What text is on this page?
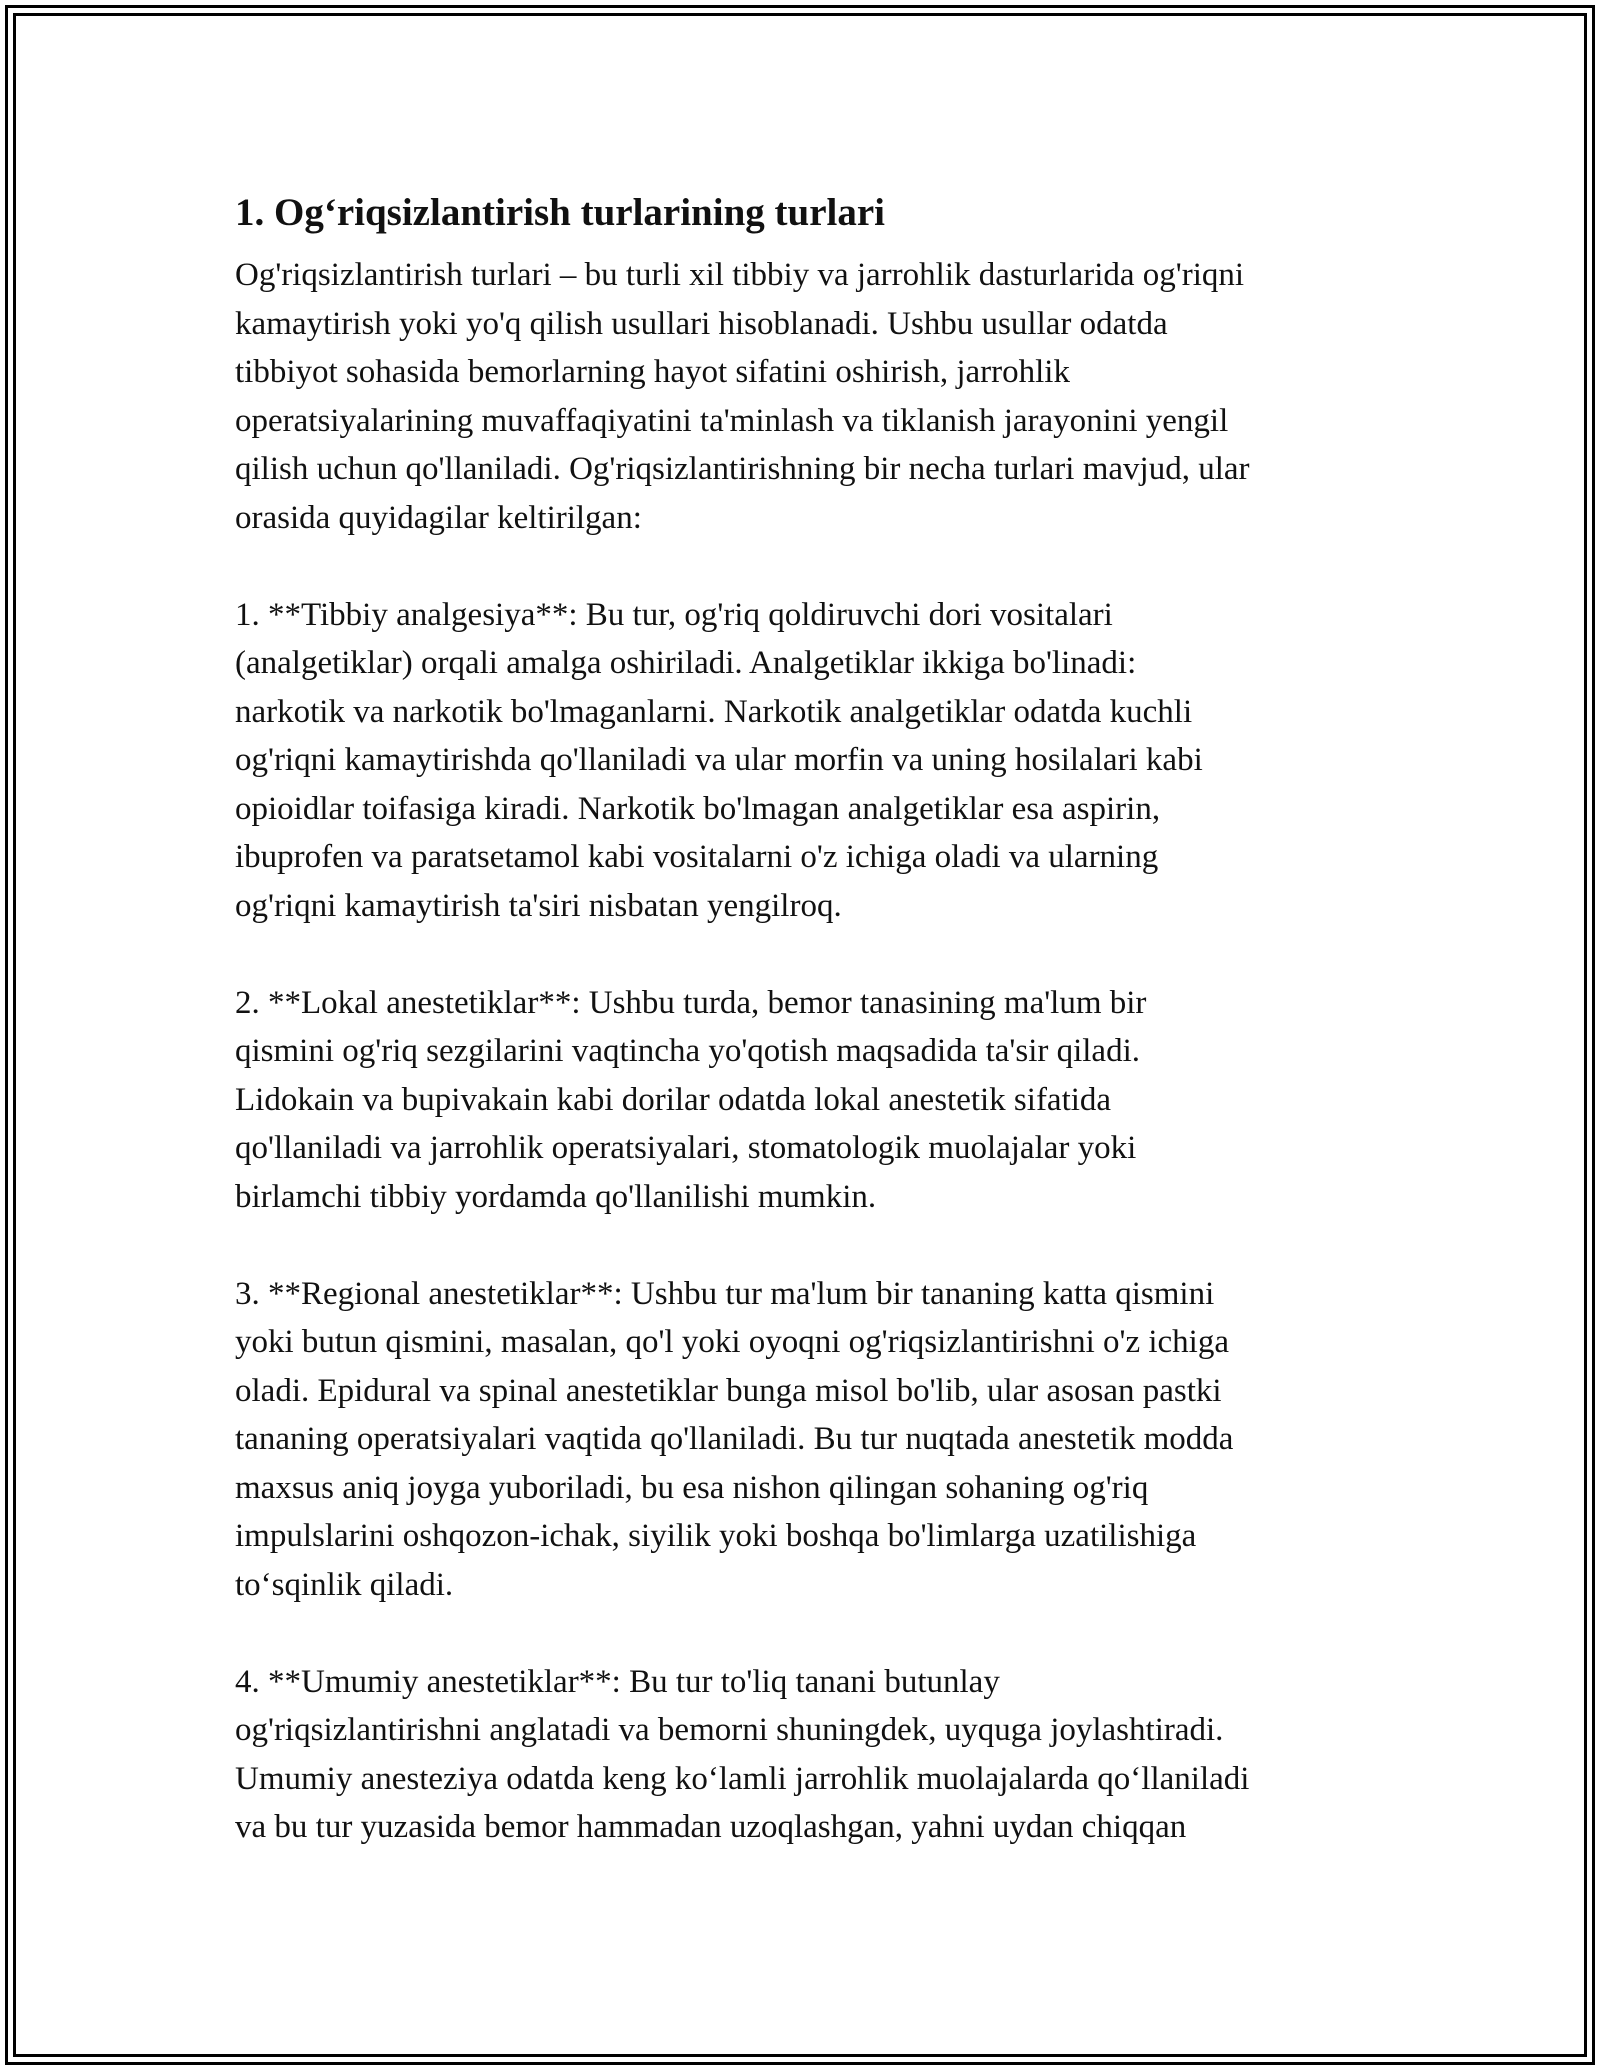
1. Og‘riqsizlantirish turlarining turlari
Og'riqsizlantirish turlari – bu turli xil tibbiy va jarrohlik dasturlarida og'riqni
kamaytirish yoki yo'q qilish usullari hisoblanadi. Ushbu usullar odatda
tibbiyot sohasida bemorlarning hayot sifatini oshirish, jarrohlik
operatsiyalarining muvaffaqiyatini ta'minlash va tiklanish jarayonini yengil
qilish uchun qo'llaniladi. Og'riqsizlantirishning bir necha turlari mavjud, ular
orasida quyidagilar keltirilgan:
1. **Tibbiy analgesiya**: Bu tur, og'riq qoldiruvchi dori vositalari
(analgetiklar) orqali amalga oshiriladi. Analgetiklar ikkiga bo'linadi:
narkotik va narkotik bo'lmaganlarni. Narkotik analgetiklar odatda kuchli
og'riqni kamaytirishda qo'llaniladi va ular morfin va uning hosilalari kabi
opioidlar toifasiga kiradi. Narkotik bo'lmagan analgetiklar esa aspirin,
ibuprofen va paratsetamol kabi vositalarni o'z ichiga oladi va ularning
og'riqni kamaytirish ta'siri nisbatan yengilroq.
2. **Lokal anestetiklar**: Ushbu turda, bemor tanasining ma'lum bir
qismini og'riq sezgilarini vaqtincha yo'qotish maqsadida ta'sir qiladi.
Lidokain va bupivakain kabi dorilar odatda lokal anestetik sifatida
qo'llaniladi va jarrohlik operatsiyalari, stomatologik muolajalar yoki
birlamchi tibbiy yordamda qo'llanilishi mumkin.
3. **Regional anestetiklar**: Ushbu tur ma'lum bir tananing katta qismini
yoki butun qismini, masalan, qo'l yoki oyoqni og'riqsizlantirishni o'z ichiga
oladi. Epidural va spinal anestetiklar bunga misol bo'lib, ular asosan pastki
tananing operatsiyalari vaqtida qo'llaniladi. Bu tur nuqtada anestetik modda
maxsus aniq joyga yuboriladi, bu esa nishon qilingan sohaning og'riq
impulslarini oshqozon-ichak, siyilik yoki boshqa bo'limlarga uzatilishiga
to‘sqinlik qiladi.
4. **Umumiy anestetiklar**: Bu tur to'liq tanani butunlay
og'riqsizlantirishni anglatadi va bemorni shuningdek, uyquga joylashtiradi.
Umumiy anesteziya odatda keng ko‘lamli jarrohlik muolajalarda qo‘llaniladi
va bu tur yuzasida bemor hammadan uzoqlashgan, yahni uydan chiqqan
